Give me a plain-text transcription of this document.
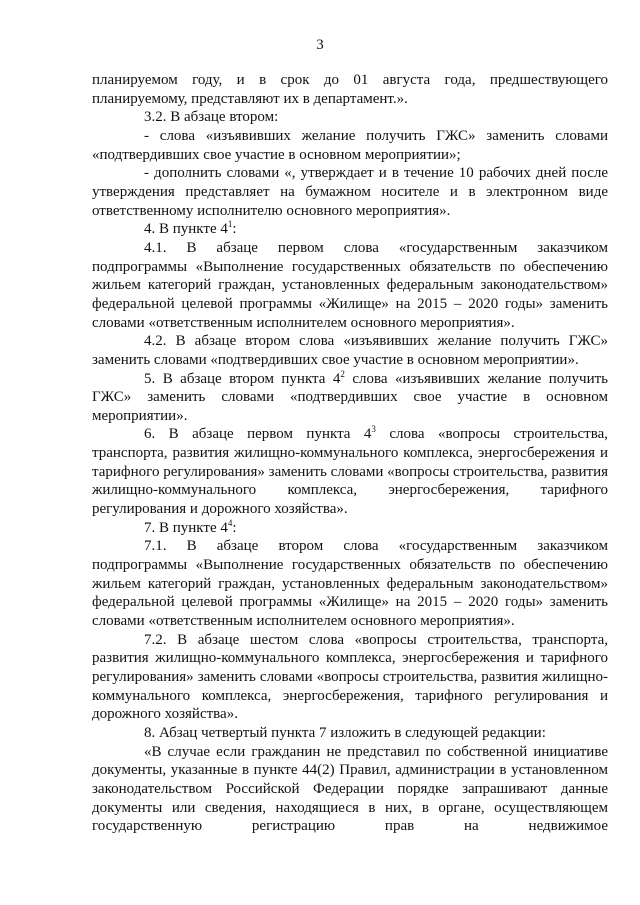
3

планируемом году, и в срок до 01 августа года, предшествующего планируемому, представляют их в департамент.».

3.2. В абзаце втором:

- слова «изъявивших желание получить ГЖС» заменить словами «подтвердивших свое участие в основном мероприятии»;

- дополнить словами «, утверждает и в течение 10 рабочих дней после утверждения представляет на бумажном носителе и в электронном виде ответственному исполнителю основного мероприятия».

4. В пункте $4^1$:

4.1. В абзаце первом слова «государственным заказчиком подпрограммы «Выполнение государственных обязательств по обеспечению жильем категорий граждан, установленных федеральным законодательством» федеральной целевой программы «Жилище» на 2015 – 2020 годы» заменить словами «ответственным исполнителем основного мероприятия».

4.2. В абзаце втором слова «изъявивших желание получить ГЖС» заменить словами «подтвердивших свое участие в основном мероприятии».

5. В абзаце втором пункта $4^2$ слова «изъявивших желание получить ГЖС» заменить словами «подтвердивших свое участие в основном мероприятии».

6. В абзаце первом пункта $4^3$ слова «вопросы строительства, транспорта, развития жилищно-коммунального комплекса, энергосбережения и тарифного регулирования» заменить словами «вопросы строительства, развития жилищно-коммунального комплекса, энергосбережения, тарифного регулирования и дорожного хозяйства».

7. В пункте $4^4$:

7.1. В абзаце втором слова «государственным заказчиком подпрограммы «Выполнение государственных обязательств по обеспечению жильем категорий граждан, установленных федеральным законодательством» федеральной целевой программы «Жилище» на 2015 – 2020 годы» заменить словами «ответственным исполнителем основного мероприятия».

7.2. В абзаце шестом слова «вопросы строительства, транспорта, развития жилищно-коммунального комплекса, энергосбережения и тарифного регулирования» заменить словами «вопросы строительства, развития жилищно-коммунального комплекса, энергосбережения, тарифного регулирования и дорожного хозяйства».

8. Абзац четвертый пункта 7 изложить в следующей редакции:

«В случае если гражданин не представил по собственной инициативе документы, указанные в пункте 44(2) Правил, администрации в установленном законодательством Российской Федерации порядке запрашивают данные документы или сведения, находящиеся в них, в органе, осуществляющем государственную регистрацию прав на недвижимое
